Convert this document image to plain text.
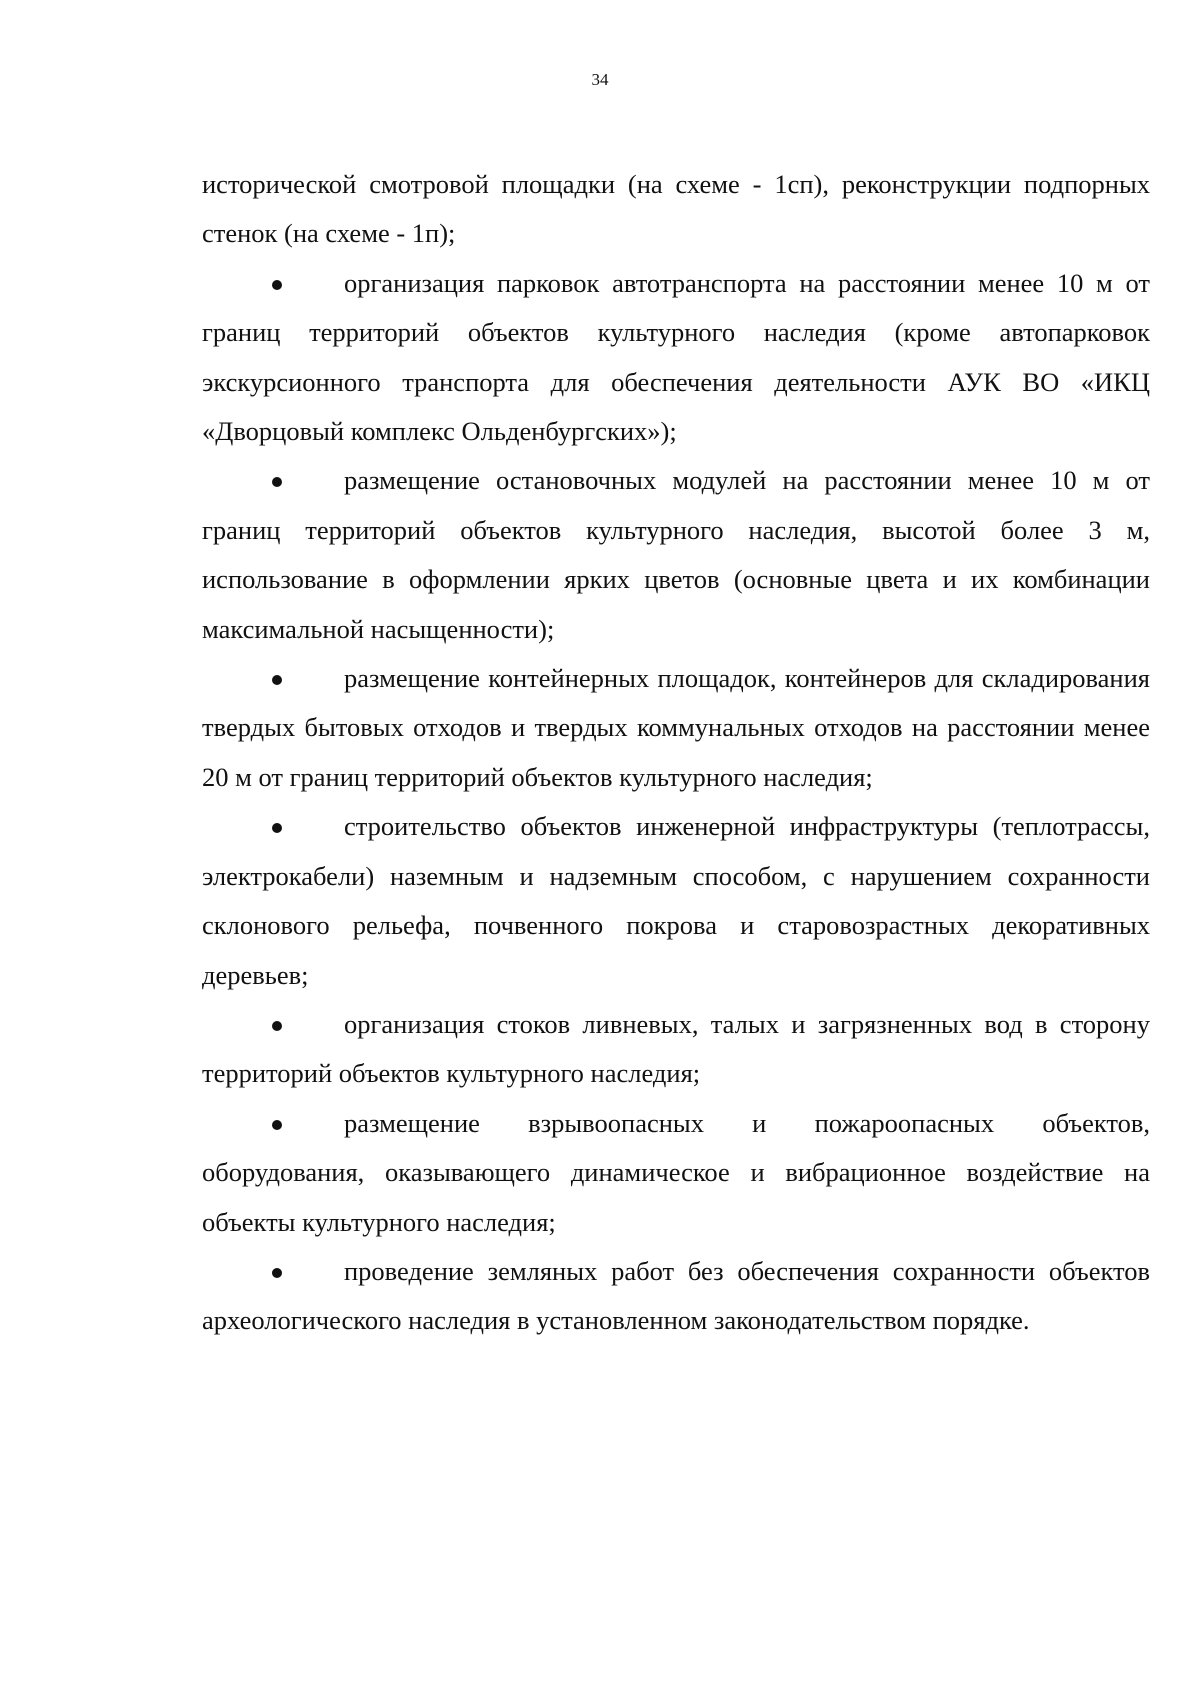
34

исторической смотровой площадки (на схеме - 1сп), реконструкции подпорных стенок (на схеме - 1п);

организация парковок автотранспорта на расстоянии менее 10 м от границ территорий объектов культурного наследия (кроме автопарковок экскурсионного транспорта для обеспечения деятельности АУК ВО «ИКЦ «Дворцовый комплекс Ольденбургских»);
размещение остановочных модулей на расстоянии менее 10 м от границ территорий объектов культурного наследия, высотой более 3 м, использование в оформлении ярких цветов (основные цвета и их комбинации максимальной насыщенности);
размещение контейнерных площадок, контейнеров для складирования твердых бытовых отходов и твердых коммунальных отходов на расстоянии менее 20 м от границ территорий объектов культурного наследия;
строительство объектов инженерной инфраструктуры (теплотрассы, электрокабели) наземным и надземным способом, с нарушением сохранности склонового рельефа, почвенного покрова и старовозрастных декоративных деревьев;
организация стоков ливневых, талых и загрязненных вод в сторону территорий объектов культурного наследия;
размещение взрывоопасных и пожароопасных объектов, оборудования, оказывающего динамическое и вибрационное воздействие на объекты культурного наследия;
проведение земляных работ без обеспечения сохранности объектов археологического наследия в установленном законодательством порядке.
